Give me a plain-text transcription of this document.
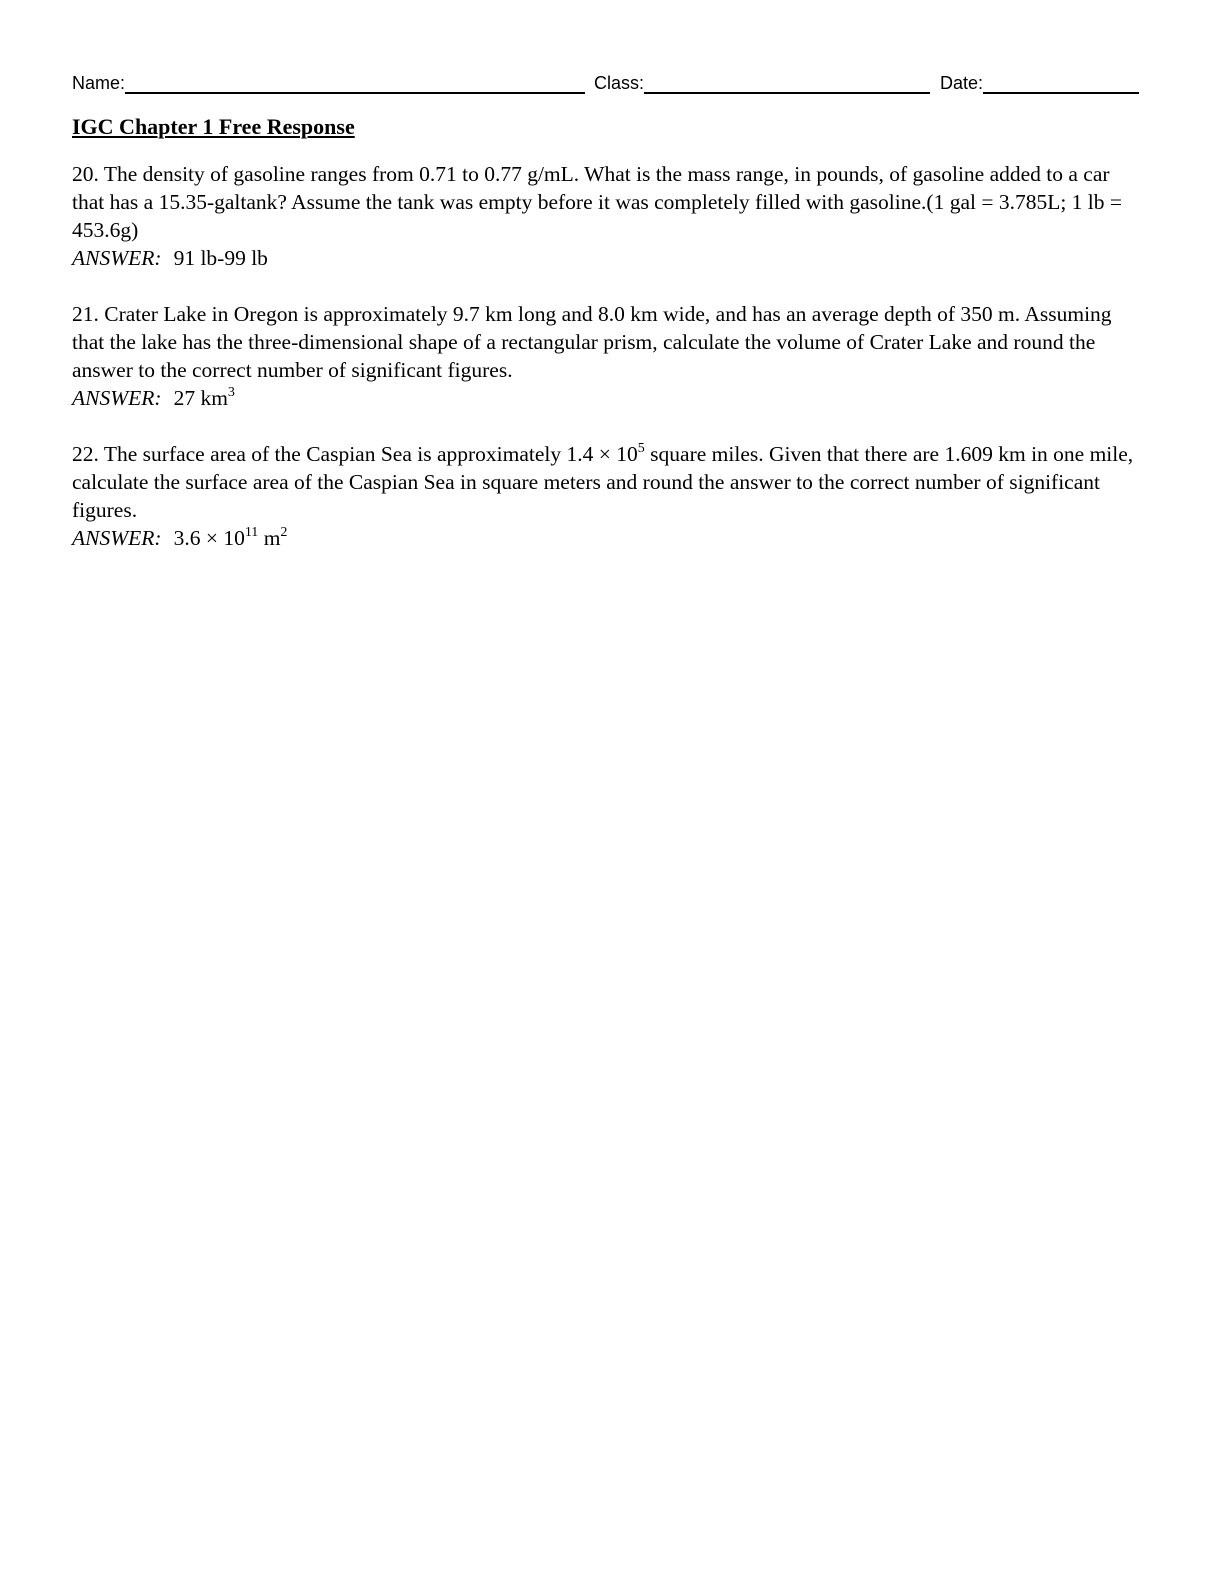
Name:	Class:	Date:
IGC Chapter 1 Free Response

20. The density of gasoline ranges from 0.71 to 0.77 g/mL. What is the mass range, in pounds, of gasoline added to a car that has a 15.35-galtank? Assume the tank was empty before it was completely filled with gasoline.(1 gal = 3.785L; 1 lb = 453.6g)

ANSWER: 91 lb-99 lb

21. Crater Lake in Oregon is approximately 9.7 km long and 8.0 km wide, and has an average depth of 350 m. Assuming that the lake has the three-dimensional shape of a rectangular prism, calculate the volume of Crater Lake and round the answer to the correct number of significant figures.

ANSWER: 27 $km^3$

22. The surface area of the Caspian Sea is approximately $1.4 \times 10^5$ square miles. Given that there are 1.609 km in one mile, calculate the surface area of the Caspian Sea in square meters and round the answer to the correct number of significant figures.

ANSWER: $3.6 \times 10^{11}$ $m^2$
